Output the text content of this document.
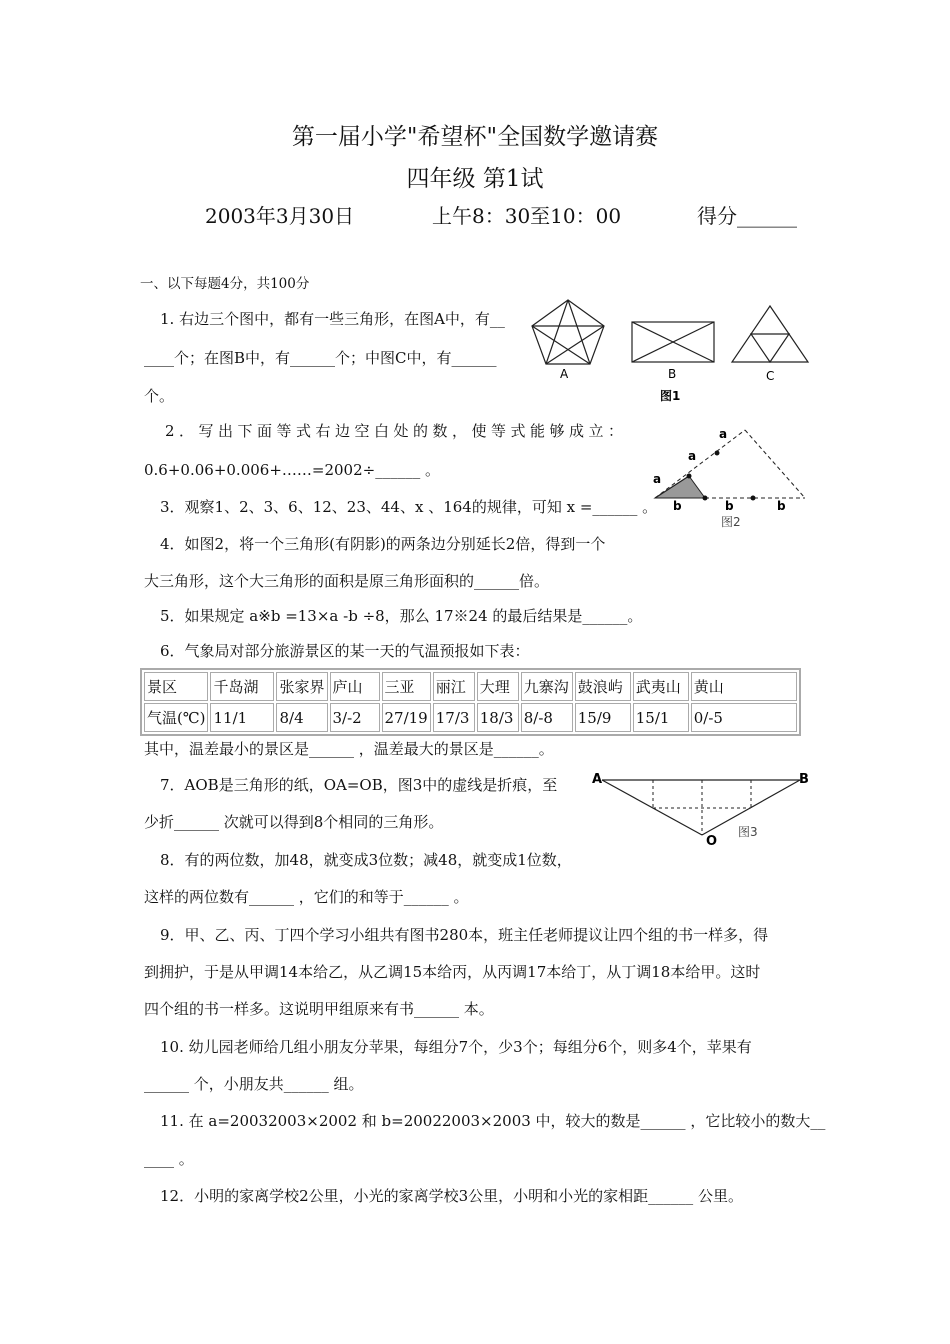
第一届小学"希望杯"全国数学邀请赛
四年级 第1试
2003年3月30日	上午8：30至10：00	得分______
一、以下每题4分，共100分
1. 右边三个图中，都有一些三角形，在图A中，有__
____个；在图B中，有______个；中图C中，有______
个。
A	B	C
图1
2．写出下面等式右边空白处的数，使等式能够成立：
0.6+0.06+0.006+……=2002÷______ 。
a
a
a
b	b	b
图2
3．观察1、2、3、6、12、23、44、x 、164的规律，可知 x =______ 。
4．如图2，将一个三角形(有阴影)的两条边分别延长2倍，得到一个
大三角形，这个大三角形的面积是原三角形面积的______倍。
5．如果规定 a※b =13×a -b ÷8，那么 17※24 的最后结果是______。
6．气象局对部分旅游景区的某一天的气温预报如下表：
景区	千岛湖	张家界	庐山	三亚	丽江	大理	九寨沟	鼓浪屿	武夷山	黄山
气温(℃)	11/1	8/4	3/-2	27/19	17/3	18/3	8/-8	15/9	15/1	0/-5
其中，温差最小的景区是______ ，温差最大的景区是______。
7．AOB是三角形的纸，OA=OB，图3中的虚线是折痕，至
少折______ 次就可以得到8个相同的三角形。
A	B
O
图3
8．有的两位数，加48，就变成3位数；减48，就变成1位数，
这样的两位数有______ ，它们的和等于______ 。
9．甲、乙、丙、丁四个学习小组共有图书280本，班主任老师提议让四个组的书一样多，得
到拥护，于是从甲调14本给乙，从乙调15本给丙，从丙调17本给丁，从丁调18本给甲。这时
四个组的书一样多。这说明甲组原来有书______ 本。
10. 幼儿园老师给几组小朋友分苹果，每组分7个，少3个；每组分6个，则多4个，苹果有
______ 个，小朋友共______ 组。
11. 在 a=20032003×2002 和 b=20022003×2003 中，较大的数是______ ，它比较小的数大__
____ 。
12．小明的家离学校2公里，小光的家离学校3公里，小明和小光的家相距______ 公里。
